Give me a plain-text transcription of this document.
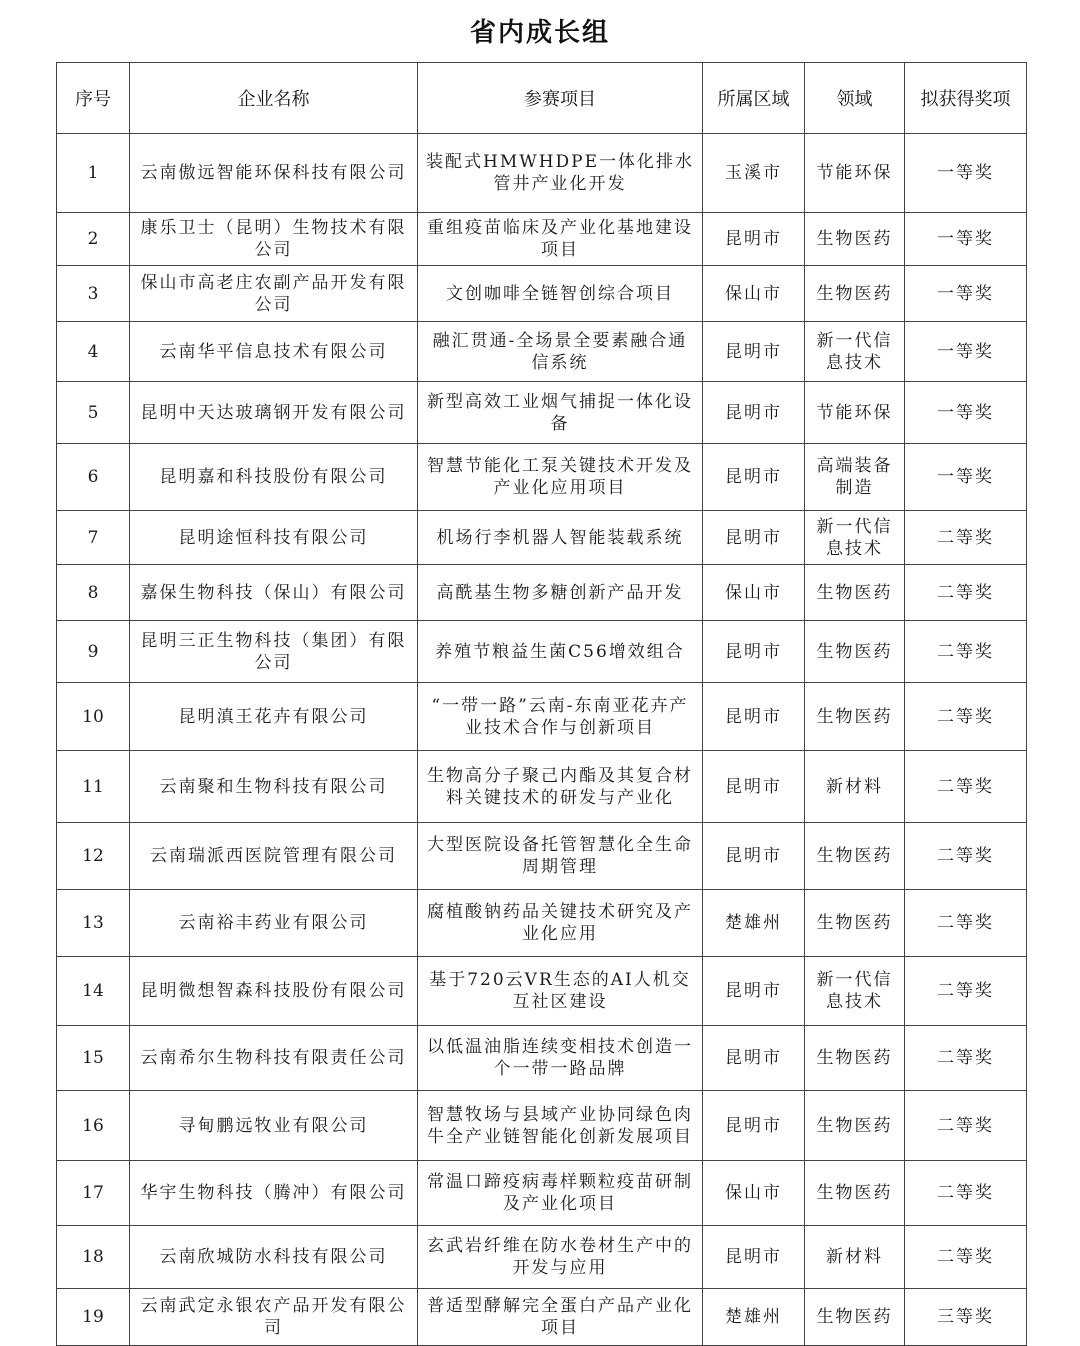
省内成长组
序号	企业名称	参赛项目	所属区域	领域	拟获得奖项
1	云南傲远智能环保科技有限公司	装配式HMWHDPE一体化排水管井产业化开发	玉溪市	节能环保	一等奖
2	康乐卫士（昆明）生物技术有限公司	重组疫苗临床及产业化基地建设项目	昆明市	生物医药	一等奖
3	保山市高老庄农副产品开发有限公司	文创咖啡全链智创综合项目	保山市	生物医药	一等奖
4	云南华平信息技术有限公司	融汇贯通-全场景全要素融合通信系统	昆明市	新一代信息技术	一等奖
5	昆明中天达玻璃钢开发有限公司	新型高效工业烟气捕捉一体化设备	昆明市	节能环保	一等奖
6	昆明嘉和科技股份有限公司	智慧节能化工泵关键技术开发及产业化应用项目	昆明市	高端装备制造	一等奖
7	昆明途恒科技有限公司	机场行李机器人智能装载系统	昆明市	新一代信息技术	二等奖
8	嘉保生物科技（保山）有限公司	高酰基生物多糖创新产品开发	保山市	生物医药	二等奖
9	昆明三正生物科技（集团）有限公司	养殖节粮益生菌C56增效组合	昆明市	生物医药	二等奖
10	昆明滇王花卉有限公司	“一带一路”云南-东南亚花卉产业技术合作与创新项目	昆明市	生物医药	二等奖
11	云南聚和生物科技有限公司	生物高分子聚己内酯及其复合材料关键技术的研发与产业化	昆明市	新材料	二等奖
12	云南瑞派西医院管理有限公司	大型医院设备托管智慧化全生命周期管理	昆明市	生物医药	二等奖
13	云南裕丰药业有限公司	腐植酸钠药品关键技术研究及产业化应用	楚雄州	生物医药	二等奖
14	昆明微想智森科技股份有限公司	基于720云VR生态的AI人机交互社区建设	昆明市	新一代信息技术	二等奖
15	云南希尔生物科技有限责任公司	以低温油脂连续变相技术创造一个一带一路品牌	昆明市	生物医药	二等奖
16	寻甸鹏远牧业有限公司	智慧牧场与县域产业协同绿色肉牛全产业链智能化创新发展项目	昆明市	生物医药	二等奖
17	华宇生物科技（腾冲）有限公司	常温口蹄疫病毒样颗粒疫苗研制及产业化项目	保山市	生物医药	二等奖
18	云南欣城防水科技有限公司	玄武岩纤维在防水卷材生产中的开发与应用	昆明市	新材料	二等奖
19	云南武定永银农产品开发有限公司	普适型酵解完全蛋白产品产业化项目	楚雄州	生物医药	三等奖
